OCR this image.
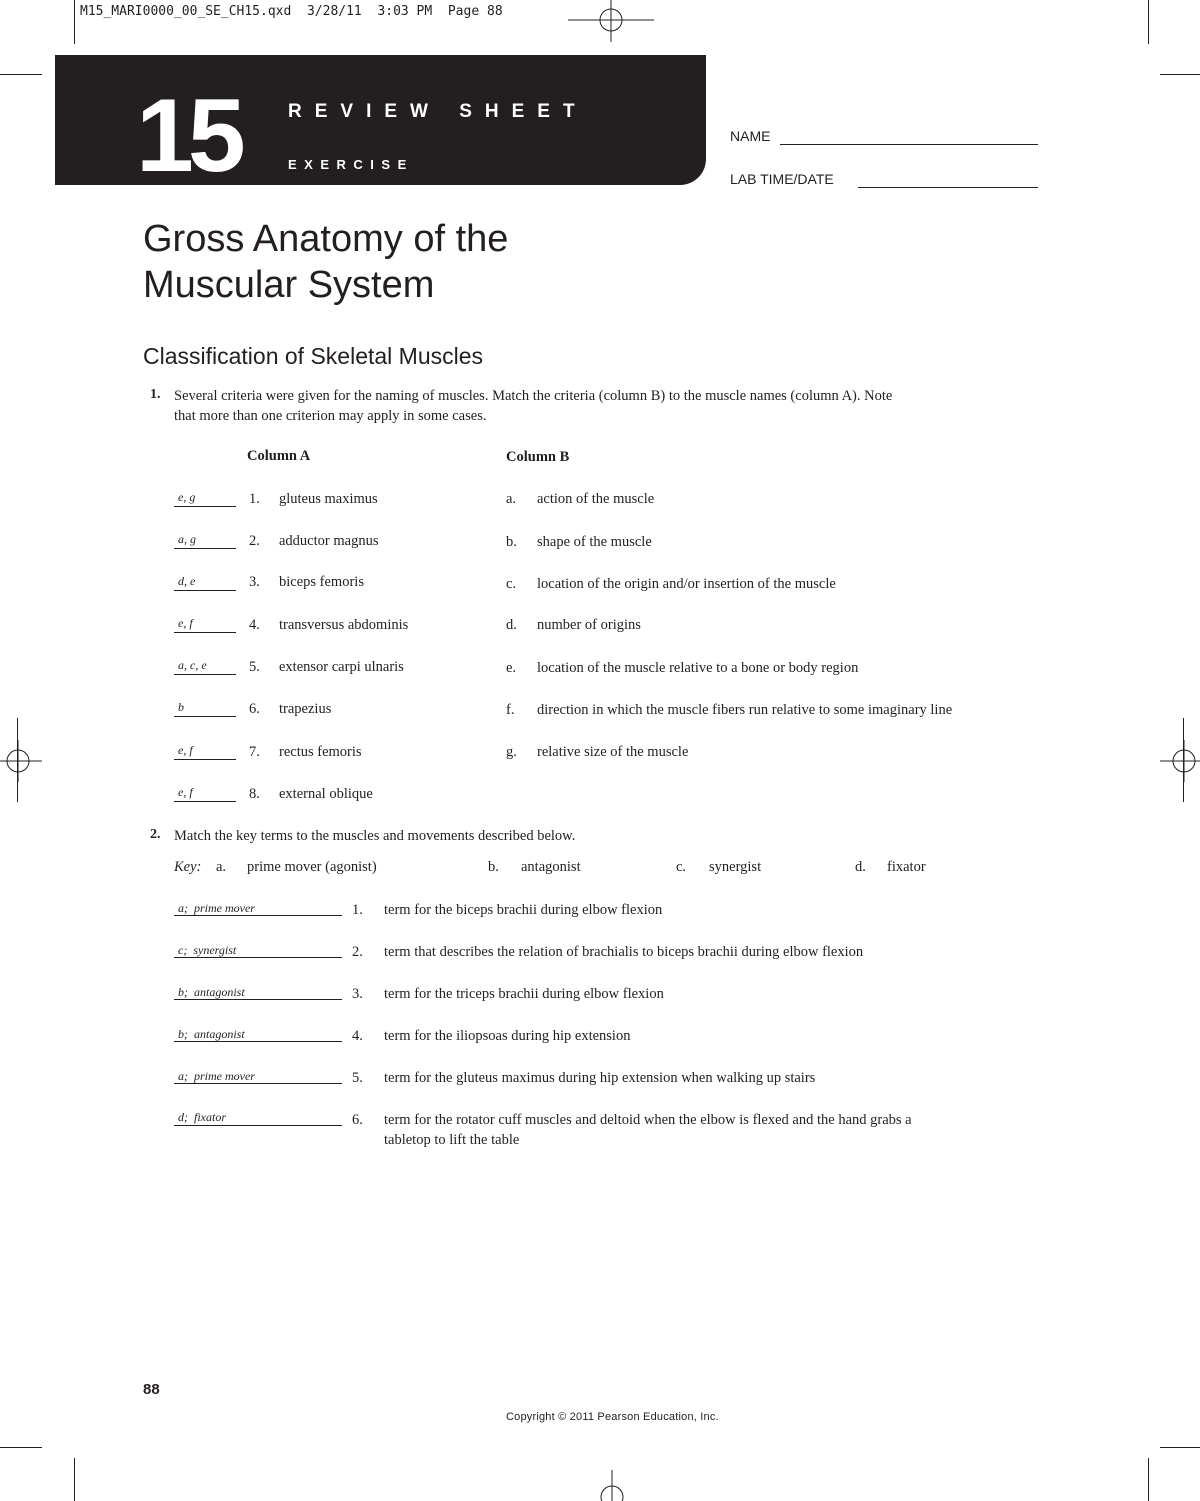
M15_MARI0000_00_SE_CH15.qxd  3/28/11  3:03 PM  Page 88
15	REVIEW SHEET
EXERCISE
NAME
LAB TIME/DATE
Gross Anatomy of the
Muscular System
Classification of Skeletal Muscles
1. Several criteria were given for the naming of muscles. Match the criteria (column B) to the muscle names (column A). Note
that more than one criterion may apply in some cases.
Column A	Column B
e, g	1. gluteus maximus	a. action of the muscle
a, g	2. adductor magnus	b. shape of the muscle
d, e	3. biceps femoris	c. location of the origin and/or insertion of the muscle
e, f	4. transversus abdominis	d. number of origins
a, c, e	5. extensor carpi ulnaris	e. location of the muscle relative to a bone or body region
b	6. trapezius	f. direction in which the muscle fibers run relative to some imaginary line
e, f	7. rectus femoris	g. relative size of the muscle
e, f	8. external oblique
2. Match the key terms to the muscles and movements described below.
Key: a. prime mover (agonist)	b. antagonist	c. synergist	d. fixator
a;  prime mover	1. term for the biceps brachii during elbow flexion
c;  synergist	2. term that describes the relation of brachialis to biceps brachii during elbow flexion
b;  antagonist	3. term for the triceps brachii during elbow flexion
b;  antagonist	4. term for the iliopsoas during hip extension
a;  prime mover	5. term for the gluteus maximus during hip extension when walking up stairs
d;  fixator	6. term for the rotator cuff muscles and deltoid when the elbow is flexed and the hand grabs a
tabletop to lift the table
88
Copyright © 2011 Pearson Education, Inc.
